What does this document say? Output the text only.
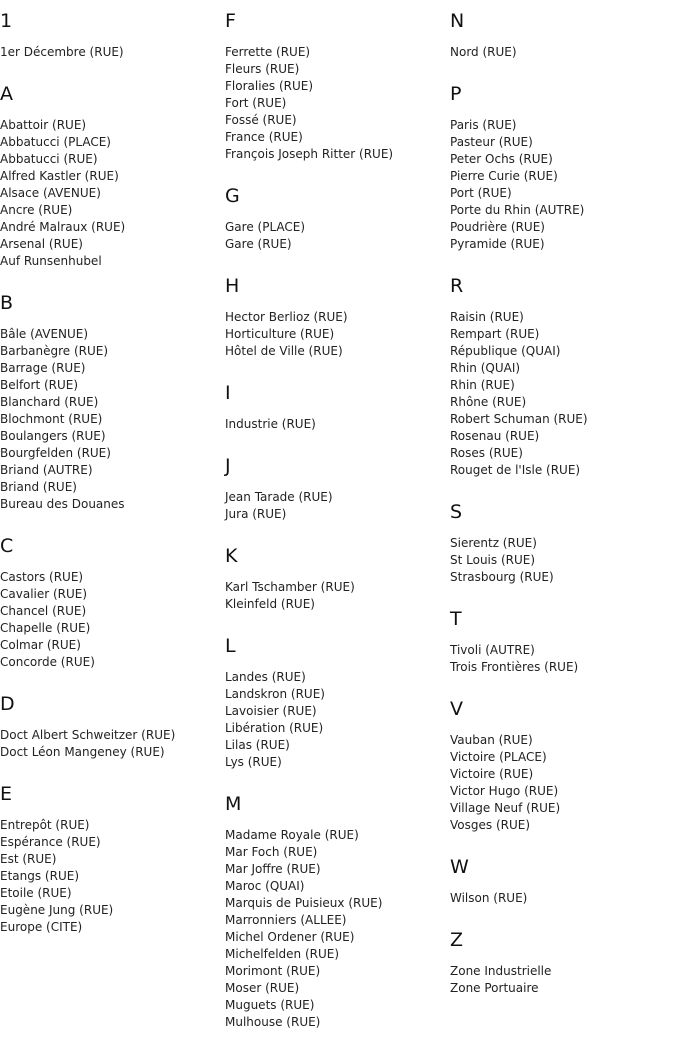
1
1er Décembre (RUE)
A
Abattoir (RUE)
Abbatucci (PLACE)
Abbatucci (RUE)
Alfred Kastler (RUE)
Alsace (AVENUE)
Ancre (RUE)
André Malraux (RUE)
Arsenal (RUE)
Auf Runsenhubel
B
Bâle (AVENUE)
Barbanègre (RUE)
Barrage (RUE)
Belfort (RUE)
Blanchard (RUE)
Blochmont (RUE)
Boulangers (RUE)
Bourgfelden (RUE)
Briand (AUTRE)
Briand (RUE)
Bureau des Douanes
C
Castors (RUE)
Cavalier (RUE)
Chancel (RUE)
Chapelle (RUE)
Colmar (RUE)
Concorde (RUE)
D
Doct Albert Schweitzer (RUE)
Doct Léon Mangeney (RUE)
E
Entrepôt (RUE)
Espérance (RUE)
Est (RUE)
Etangs (RUE)
Etoile (RUE)
Eugène Jung (RUE)
Europe (CITE)
F
Ferrette (RUE)
Fleurs (RUE)
Floralies (RUE)
Fort (RUE)
Fossé (RUE)
France (RUE)
François Joseph Ritter (RUE)
G
Gare (PLACE)
Gare (RUE)
H
Hector Berlioz (RUE)
Horticulture (RUE)
Hôtel de Ville (RUE)
I
Industrie (RUE)
J
Jean Tarade (RUE)
Jura (RUE)
K
Karl Tschamber (RUE)
Kleinfeld (RUE)
L
Landes (RUE)
Landskron (RUE)
Lavoisier (RUE)
Libération (RUE)
Lilas (RUE)
Lys (RUE)
M
Madame Royale (RUE)
Mar Foch (RUE)
Mar Joffre (RUE)
Maroc (QUAI)
Marquis de Puisieux (RUE)
Marronniers (ALLEE)
Michel Ordener (RUE)
Michelfelden (RUE)
Morimont (RUE)
Moser (RUE)
Muguets (RUE)
Mulhouse (RUE)
N
Nord (RUE)
P
Paris (RUE)
Pasteur (RUE)
Peter Ochs (RUE)
Pierre Curie (RUE)
Port (RUE)
Porte du Rhin (AUTRE)
Poudrière (RUE)
Pyramide (RUE)
R
Raisin (RUE)
Rempart (RUE)
République (QUAI)
Rhin (QUAI)
Rhin (RUE)
Rhône (RUE)
Robert Schuman (RUE)
Rosenau (RUE)
Roses (RUE)
Rouget de l'Isle (RUE)
S
Sierentz (RUE)
St Louis (RUE)
Strasbourg (RUE)
T
Tivoli (AUTRE)
Trois Frontières (RUE)
V
Vauban (RUE)
Victoire (PLACE)
Victoire (RUE)
Victor Hugo (RUE)
Village Neuf (RUE)
Vosges (RUE)
W
Wilson (RUE)
Z
Zone Industrielle
Zone Portuaire
